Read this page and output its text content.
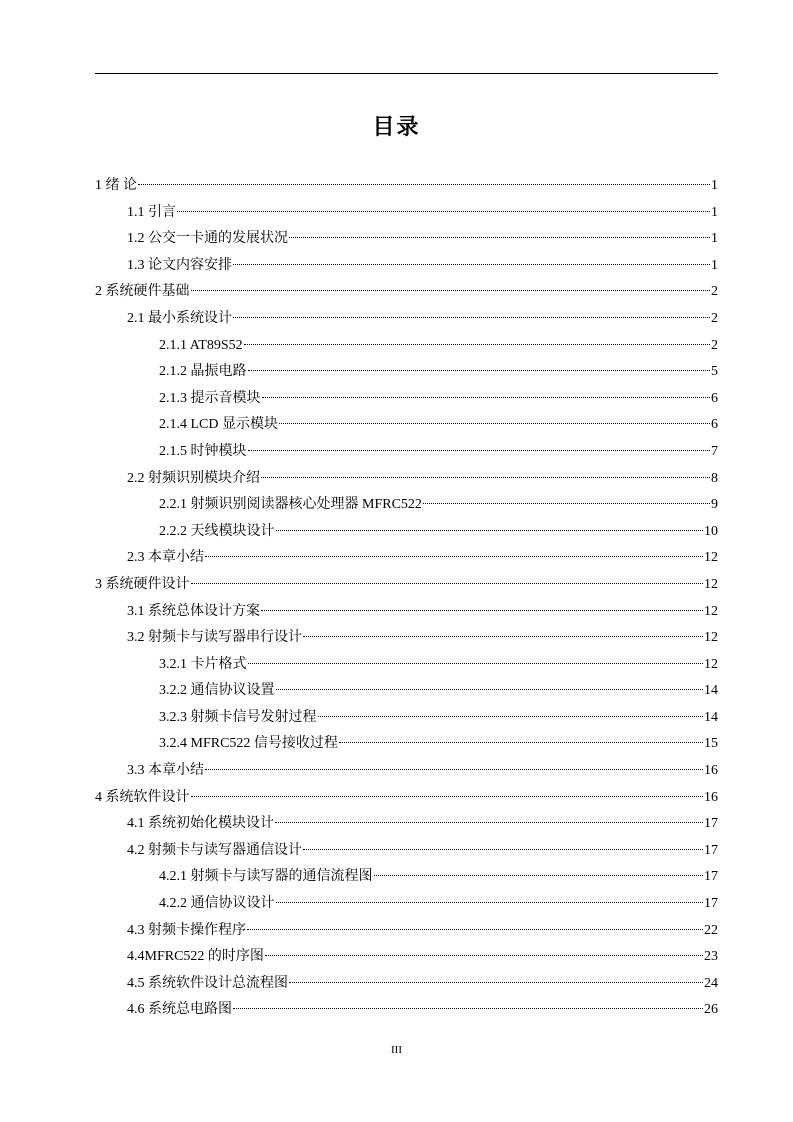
目录
1 绪 论	1
1.1 引言	1
1.2 公交一卡通的发展状况	1
1.3 论文内容安排	1
2 系统硬件基础	2
2.1 最小系统设计	2
2.1.1 AT89S52	2
2.1.2 晶振电路	5
2.1.3 提示音模块	6
2.1.4 LCD 显示模块	6
2.1.5 时钟模块	7
2.2 射频识别模块介绍	8
2.2.1 射频识别阅读器核心处理器 MFRC522	9
2.2.2 天线模块设计	10
2.3 本章小结	12
3 系统硬件设计	12
3.1 系统总体设计方案	12
3.2 射频卡与读写器串行设计	12
3.2.1 卡片格式	12
3.2.2 通信协议设置	14
3.2.3 射频卡信号发射过程	14
3.2.4 MFRC522 信号接收过程	15
3.3 本章小结	16
4 系统软件设计	16
4.1 系统初始化模块设计	17
4.2 射频卡与读写器通信设计	17
4.2.1 射频卡与读写器的通信流程图	17
4.2.2 通信协议设计	17
4.3 射频卡操作程序	22
4.4MFRC522 的时序图	23
4.5 系统软件设计总流程图	24
4.6 系统总电路图	26
III
